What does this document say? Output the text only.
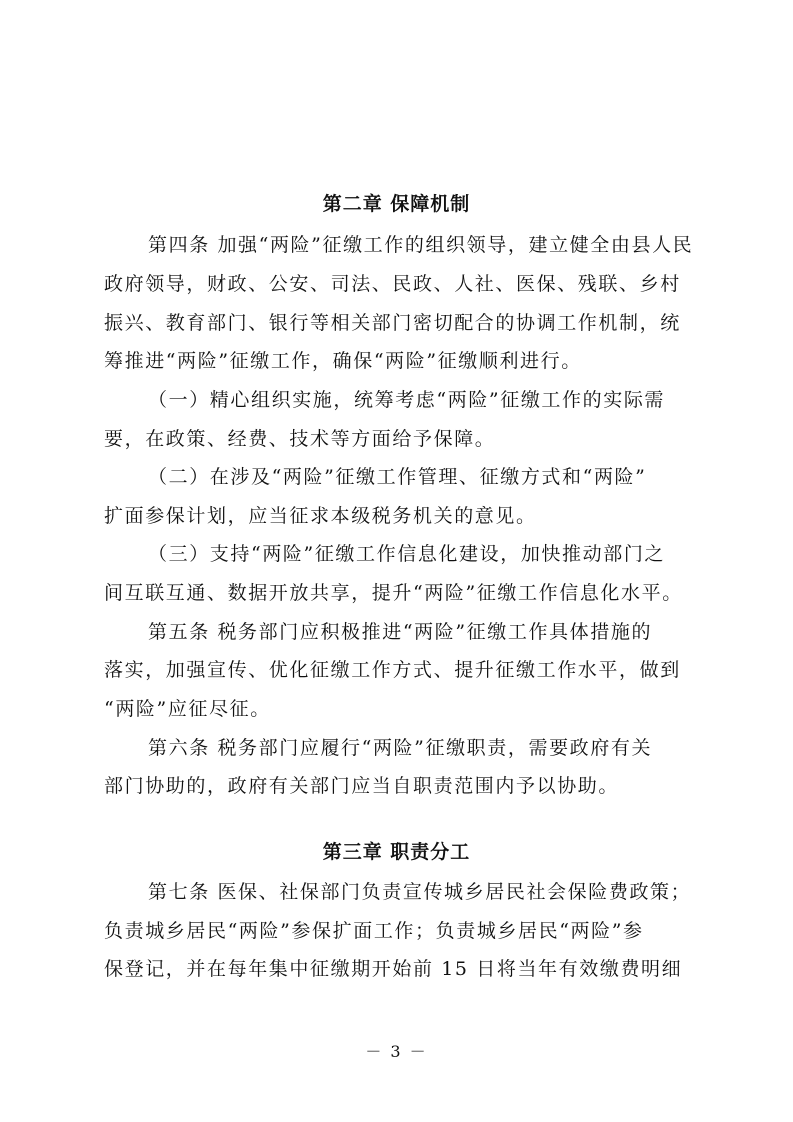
第二章 保障机制
第四条 加强“两险”征缴工作的组织领导，建立健全由县人民
政府领导，财政、公安、司法、民政、人社、医保、残联、乡村
振兴、教育部门、银行等相关部门密切配合的协调工作机制，统
筹推进“两险”征缴工作，确保“两险”征缴顺利进行。
（一）精心组织实施，统筹考虑“两险”征缴工作的实际需
要，在政策、经费、技术等方面给予保障。
（二）在涉及“两险”征缴工作管理、征缴方式和“两险”
扩面参保计划，应当征求本级税务机关的意见。
（三）支持“两险”征缴工作信息化建设，加快推动部门之
间互联互通、数据开放共享，提升“两险”征缴工作信息化水平。
第五条 税务部门应积极推进“两险”征缴工作具体措施的
落实，加强宣传、优化征缴工作方式、提升征缴工作水平，做到
“两险”应征尽征。
第六条 税务部门应履行“两险”征缴职责，需要政府有关
部门协助的，政府有关部门应当自职责范围内予以协助。
第三章 职责分工
第七条 医保、社保部门负责宣传城乡居民社会保险费政策；
负责城乡居民“两险”参保扩面工作；负责城乡居民“两险”参
保登记，并在每年集中征缴期开始前 15 日将当年有效缴费明细
－ 3 －
